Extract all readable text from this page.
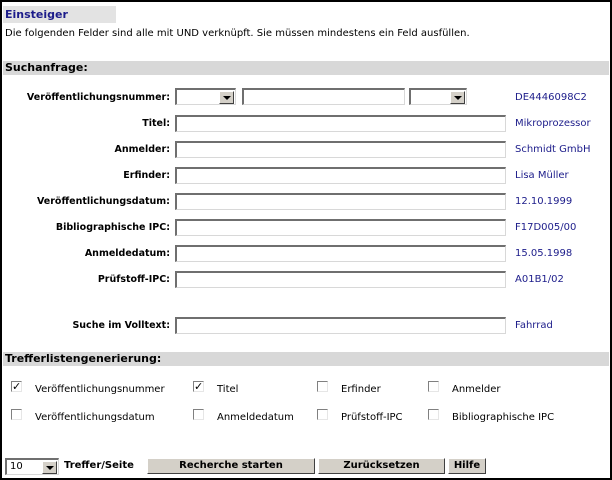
Einsteiger
Die folgenden Felder sind alle mit UND verknüpft. Sie müssen mindestens ein Feld ausfüllen.
Suchanfrage:
Veröffentlichungsnummer:	DE4446098C2
Titel:	Mikroprozessor
Anmelder:	Schmidt GmbH
Erfinder:	Lisa Müller
Veröffentlichungsdatum:	12.10.1999
Bibliographische IPC:	F17D005/00
Anmeldedatum:	15.05.1998
Prüfstoff-IPC:	A01B1/02
Suche im Volltext:	Fahrrad
Trefferlistengenerierung:
✓ Veröffentlichungsnummer	✓ Titel	Erfinder	Anmelder
Veröffentlichungsdatum	Anmeldedatum	Prüfstoff-IPC	Bibliographische IPC
10	Treffer/Seite	Recherche starten	Zurücksetzen	Hilfe
